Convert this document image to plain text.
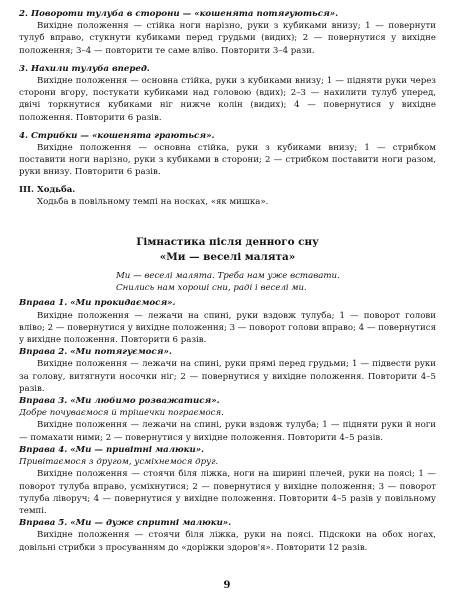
2. Повороти тулуба в сторони — «кошенята потягуються».

Вихідне положення — стійка ноги нарізно, руки з кубиками внизу; 1 — повернути тулуб вправо, стукнути кубиками перед грудьми (видих); 2 — повернутися у вихідне положення; 3–4 — повторити те саме вліво. Повторити 3–4 рази.

3. Нахили тулуба вперед.

Вихідне положення — основна стійка, руки з кубиками внизу; 1 — підняти руки через сторони вгору, постукати кубиками над головою (вдих); 2–3 — нахилити тулуб уперед, двічі торкнутися кубиками ніг нижче колін (видих); 4 — повернутися у вихідне положення. Повторити 6 разів.

4. Стрибки — «кошенята граються».

Вихідне положення — основна стійка, руки з кубиками внизу; 1 — стрибком поставити ноги нарізно, руки з кубиками в сторони; 2 — стрибком поставити ноги разом, руки внизу. Повторити 6 разів.

III. Ходьба.

Ходьба в повільному темпі на носках, «як мишка».

Гімнастика після денного сну

«Ми — веселі малята»

Ми — веселі малята. Треба нам уже вставати.

Снились нам хороші сни, раді і веселі ми.

Вправа 1. «Ми прокидаємося».

Вихідне положення — лежачи на спині, руки вздовж тулуба; 1 — поворот голови вліво; 2 — повернутися у вихідне положення; 3 — поворот голови вправо; 4 — повернутися у вихідне положення. Повторити 6 разів.

Вправа 2. «Ми потягуємося».

Вихідне положення — лежачи на спині, руки прямі перед грудьми; 1 — підвести руки за голову, витягнути носочки ніг; 2 — повернутися у вихідне положення. Повторити 4–5 разів.

Вправа 3. «Ми любимо розважатися».

Добре почуваємося й трішечки пограємося.

Вихідне положення — лежачи на спині, руки вздовж тулуба; 1 — підняти руки й ноги — помахати ними; 2 — повернутися у вихідне положення. Повторити 4–5 разів.

Вправа 4. «Ми — привітні малюки».

Привітаємося з другом, усміхнемося друг.

Вихідне положення — стоячи біля ліжка, ноги на ширині плечей, руки на поясі; 1 — поворот тулуба вправо, усміхнутися; 2 — повернутися у вихідне положення; 3 — поворот тулуба ліворуч; 4 — повернутися у вихідне положення. Повторити 4–5 разів у повільному темпі.

Вправа 5. «Ми — дуже спритні малюки».

Вихідне положення — стоячи біля ліжка, руки на поясі. Підскоки на обох ногах, довільні стрибки з просуванням до «доріжки здоров'я». Повторити 12 разів.

9
